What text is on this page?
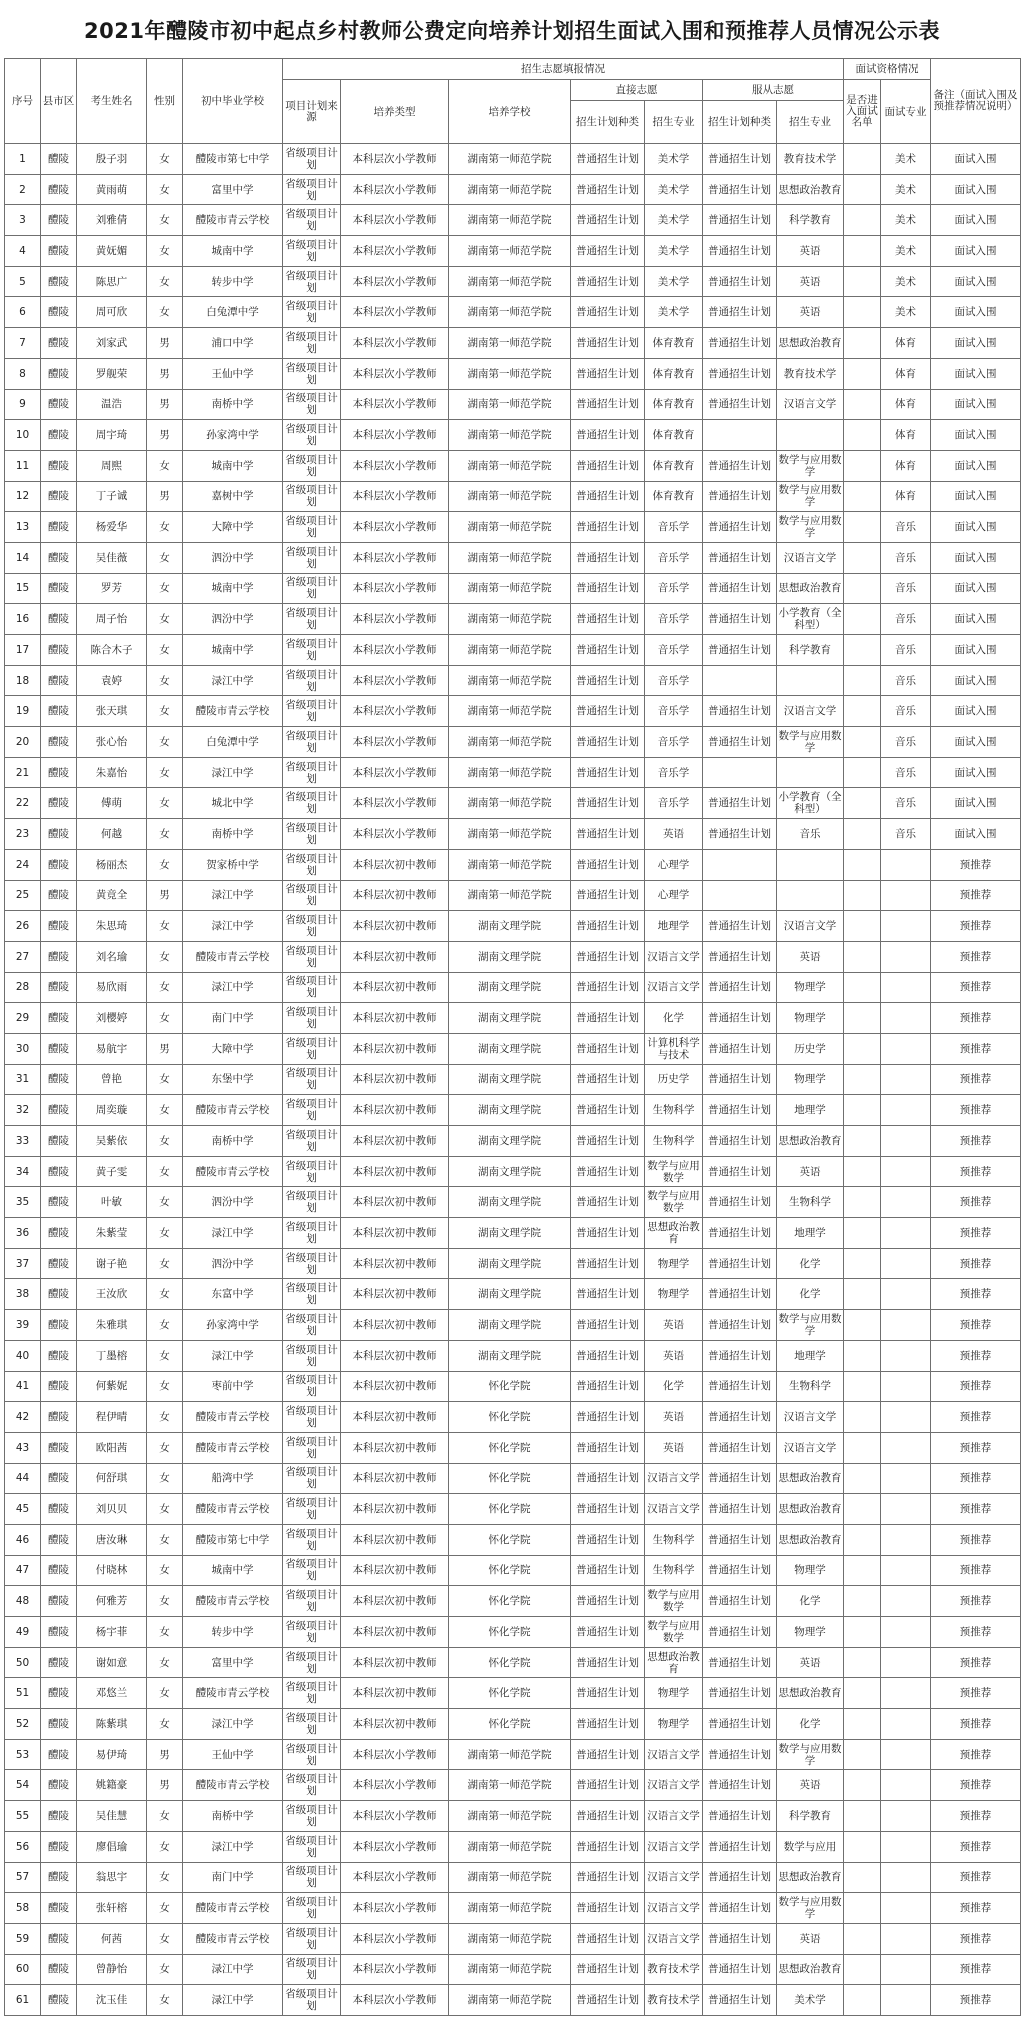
2021年醴陵市初中起点乡村教师公费定向培养计划招生面试入围和预推荐人员情况公示表
序号	县市区	考生姓名	性别	初中毕业学校	招生志愿填报情况							面试资格情况		备注（面试入围及预推荐情况说明）
					项目计划来源	培养类型	培养学校	直接志愿		服从志愿		是否进入面试名单	面试专业	
								招生计划种类	招生专业	招生计划种类	招生专业			
1	醴陵	殷子羽	女	醴陵市第七中学	省级项目计划	本科层次小学教师	湖南第一师范学院	普通招生计划	美术学	普通招生计划	教育技术学		美术	面试入围
2	醴陵	黄雨萌	女	富里中学	省级项目计划	本科层次小学教师	湖南第一师范学院	普通招生计划	美术学	普通招生计划	思想政治教育		美术	面试入围
3	醴陵	刘雅倩	女	醴陵市青云学校	省级项目计划	本科层次小学教师	湖南第一师范学院	普通招生计划	美术学	普通招生计划	科学教育		美术	面试入围
4	醴陵	黄妩媚	女	城南中学	省级项目计划	本科层次小学教师	湖南第一师范学院	普通招生计划	美术学	普通招生计划	英语		美术	面试入围
5	醴陵	陈思广	女	转步中学	省级项目计划	本科层次小学教师	湖南第一师范学院	普通招生计划	美术学	普通招生计划	英语		美术	面试入围
6	醴陵	周可欣	女	白兔潭中学	省级项目计划	本科层次小学教师	湖南第一师范学院	普通招生计划	美术学	普通招生计划	英语		美术	面试入围
7	醴陵	刘家武	男	浦口中学	省级项目计划	本科层次小学教师	湖南第一师范学院	普通招生计划	体育教育	普通招生计划	思想政治教育		体育	面试入围
8	醴陵	罗舰荣	男	王仙中学	省级项目计划	本科层次小学教师	湖南第一师范学院	普通招生计划	体育教育	普通招生计划	教育技术学		体育	面试入围
9	醴陵	温浩	男	南桥中学	省级项目计划	本科层次小学教师	湖南第一师范学院	普通招生计划	体育教育	普通招生计划	汉语言文学		体育	面试入围
10	醴陵	周宇琦	男	孙家湾中学	省级项目计划	本科层次小学教师	湖南第一师范学院	普通招生计划	体育教育				体育	面试入围
11	醴陵	周熙	女	城南中学	省级项目计划	本科层次小学教师	湖南第一师范学院	普通招生计划	体育教育	普通招生计划	数学与应用数学		体育	面试入围
12	醴陵	丁子诚	男	嘉树中学	省级项目计划	本科层次小学教师	湖南第一师范学院	普通招生计划	体育教育	普通招生计划	数学与应用数学		体育	面试入围
13	醴陵	杨爱华	女	大障中学	省级项目计划	本科层次小学教师	湖南第一师范学院	普通招生计划	音乐学	普通招生计划	数学与应用数学		音乐	面试入围
14	醴陵	吴佳薇	女	泗汾中学	省级项目计划	本科层次小学教师	湖南第一师范学院	普通招生计划	音乐学	普通招生计划	汉语言文学		音乐	面试入围
15	醴陵	罗芳	女	城南中学	省级项目计划	本科层次小学教师	湖南第一师范学院	普通招生计划	音乐学	普通招生计划	思想政治教育		音乐	面试入围
16	醴陵	周子怡	女	泗汾中学	省级项目计划	本科层次小学教师	湖南第一师范学院	普通招生计划	音乐学	普通招生计划	小学教育（全科型）		音乐	面试入围
17	醴陵	陈合木子	女	城南中学	省级项目计划	本科层次小学教师	湖南第一师范学院	普通招生计划	音乐学	普通招生计划	科学教育		音乐	面试入围
18	醴陵	袁婷	女	渌江中学	省级项目计划	本科层次小学教师	湖南第一师范学院	普通招生计划	音乐学				音乐	面试入围
19	醴陵	张天琪	女	醴陵市青云学校	省级项目计划	本科层次小学教师	湖南第一师范学院	普通招生计划	音乐学	普通招生计划	汉语言文学		音乐	面试入围
20	醴陵	张心怡	女	白兔潭中学	省级项目计划	本科层次小学教师	湖南第一师范学院	普通招生计划	音乐学	普通招生计划	数学与应用数学		音乐	面试入围
21	醴陵	朱嘉怡	女	渌江中学	省级项目计划	本科层次小学教师	湖南第一师范学院	普通招生计划	音乐学				音乐	面试入围
22	醴陵	傅萌	女	城北中学	省级项目计划	本科层次小学教师	湖南第一师范学院	普通招生计划	音乐学	普通招生计划	小学教育（全科型）		音乐	面试入围
23	醴陵	何越	女	南桥中学	省级项目计划	本科层次小学教师	湖南第一师范学院	普通招生计划	英语	普通招生计划	音乐		音乐	面试入围
24	醴陵	杨丽杰	女	贺家桥中学	省级项目计划	本科层次初中教师	湖南第一师范学院	普通招生计划	心理学					预推荐
25	醴陵	黄竟全	男	渌江中学	省级项目计划	本科层次初中教师	湖南第一师范学院	普通招生计划	心理学					预推荐
26	醴陵	朱思琦	女	渌江中学	省级项目计划	本科层次初中教师	湖南文理学院	普通招生计划	地理学	普通招生计划	汉语言文学			预推荐
27	醴陵	刘名瑜	女	醴陵市青云学校	省级项目计划	本科层次初中教师	湖南文理学院	普通招生计划	汉语言文学	普通招生计划	英语			预推荐
28	醴陵	易欣雨	女	渌江中学	省级项目计划	本科层次初中教师	湖南文理学院	普通招生计划	汉语言文学	普通招生计划	物理学			预推荐
29	醴陵	刘樱婷	女	南门中学	省级项目计划	本科层次初中教师	湖南文理学院	普通招生计划	化学	普通招生计划	物理学			预推荐
30	醴陵	易航宇	男	大障中学	省级项目计划	本科层次初中教师	湖南文理学院	普通招生计划	计算机科学与技术	普通招生计划	历史学			预推荐
31	醴陵	曾艳	女	东堡中学	省级项目计划	本科层次初中教师	湖南文理学院	普通招生计划	历史学	普通招生计划	物理学			预推荐
32	醴陵	周奕璇	女	醴陵市青云学校	省级项目计划	本科层次初中教师	湖南文理学院	普通招生计划	生物科学	普通招生计划	地理学			预推荐
33	醴陵	吴紫依	女	南桥中学	省级项目计划	本科层次初中教师	湖南文理学院	普通招生计划	生物科学	普通招生计划	思想政治教育			预推荐
34	醴陵	黄子雯	女	醴陵市青云学校	省级项目计划	本科层次初中教师	湖南文理学院	普通招生计划	数学与应用数学	普通招生计划	英语			预推荐
35	醴陵	叶敏	女	泗汾中学	省级项目计划	本科层次初中教师	湖南文理学院	普通招生计划	数学与应用数学	普通招生计划	生物科学			预推荐
36	醴陵	朱紫莹	女	渌江中学	省级项目计划	本科层次初中教师	湖南文理学院	普通招生计划	思想政治教育	普通招生计划	地理学			预推荐
37	醴陵	谢子艳	女	泗汾中学	省级项目计划	本科层次初中教师	湖南文理学院	普通招生计划	物理学	普通招生计划	化学			预推荐
38	醴陵	王汝欣	女	东富中学	省级项目计划	本科层次初中教师	湖南文理学院	普通招生计划	物理学	普通招生计划	化学			预推荐
39	醴陵	朱雅琪	女	孙家湾中学	省级项目计划	本科层次初中教师	湖南文理学院	普通招生计划	英语	普通招生计划	数学与应用数学			预推荐
40	醴陵	丁墨榕	女	渌江中学	省级项目计划	本科层次初中教师	湖南文理学院	普通招生计划	英语	普通招生计划	地理学			预推荐
41	醴陵	何紫妮	女	枣前中学	省级项目计划	本科层次初中教师	怀化学院	普通招生计划	化学	普通招生计划	生物科学			预推荐
42	醴陵	程伊晴	女	醴陵市青云学校	省级项目计划	本科层次初中教师	怀化学院	普通招生计划	英语	普通招生计划	汉语言文学			预推荐
43	醴陵	欧阳茜	女	醴陵市青云学校	省级项目计划	本科层次初中教师	怀化学院	普通招生计划	英语	普通招生计划	汉语言文学			预推荐
44	醴陵	何舒琪	女	船湾中学	省级项目计划	本科层次初中教师	怀化学院	普通招生计划	汉语言文学	普通招生计划	思想政治教育			预推荐
45	醴陵	刘贝贝	女	醴陵市青云学校	省级项目计划	本科层次初中教师	怀化学院	普通招生计划	汉语言文学	普通招生计划	思想政治教育			预推荐
46	醴陵	唐汝琳	女	醴陵市第七中学	省级项目计划	本科层次初中教师	怀化学院	普通招生计划	生物科学	普通招生计划	思想政治教育			预推荐
47	醴陵	付晓林	女	城南中学	省级项目计划	本科层次初中教师	怀化学院	普通招生计划	生物科学	普通招生计划	物理学			预推荐
48	醴陵	何雅芳	女	醴陵市青云学校	省级项目计划	本科层次初中教师	怀化学院	普通招生计划	数学与应用数学	普通招生计划	化学			预推荐
49	醴陵	杨宇菲	女	转步中学	省级项目计划	本科层次初中教师	怀化学院	普通招生计划	数学与应用数学	普通招生计划	物理学			预推荐
50	醴陵	谢如意	女	富里中学	省级项目计划	本科层次初中教师	怀化学院	普通招生计划	思想政治教育	普通招生计划	英语			预推荐
51	醴陵	邓悠兰	女	醴陵市青云学校	省级项目计划	本科层次初中教师	怀化学院	普通招生计划	物理学	普通招生计划	思想政治教育			预推荐
52	醴陵	陈紫琪	女	渌江中学	省级项目计划	本科层次初中教师	怀化学院	普通招生计划	物理学	普通招生计划	化学			预推荐
53	醴陵	易伊琦	男	王仙中学	省级项目计划	本科层次小学教师	湖南第一师范学院	普通招生计划	汉语言文学	普通招生计划	数学与应用数学			预推荐
54	醴陵	姚籍豪	男	醴陵市青云学校	省级项目计划	本科层次小学教师	湖南第一师范学院	普通招生计划	汉语言文学	普通招生计划	英语			预推荐
55	醴陵	吴佳慧	女	南桥中学	省级项目计划	本科层次小学教师	湖南第一师范学院	普通招生计划	汉语言文学	普通招生计划	科学教育			预推荐
56	醴陵	廖倡瑜	女	渌江中学	省级项目计划	本科层次小学教师	湖南第一师范学院	普通招生计划	汉语言文学	普通招生计划	数学与应用			预推荐
57	醴陵	翁思宇	女	南门中学	省级项目计划	本科层次小学教师	湖南第一师范学院	普通招生计划	汉语言文学	普通招生计划	思想政治教育			预推荐
58	醴陵	张轩榕	女	醴陵市青云学校	省级项目计划	本科层次小学教师	湖南第一师范学院	普通招生计划	汉语言文学	普通招生计划	数学与应用数学			预推荐
59	醴陵	何茜	女	醴陵市青云学校	省级项目计划	本科层次小学教师	湖南第一师范学院	普通招生计划	汉语言文学	普通招生计划	英语			预推荐
60	醴陵	曾静怡	女	渌江中学	省级项目计划	本科层次小学教师	湖南第一师范学院	普通招生计划	教育技术学	普通招生计划	思想政治教育			预推荐
61	醴陵	沈玉佳	女	渌江中学	省级项目计划	本科层次小学教师	湖南第一师范学院	普通招生计划	教育技术学	普通招生计划	美术学			预推荐
